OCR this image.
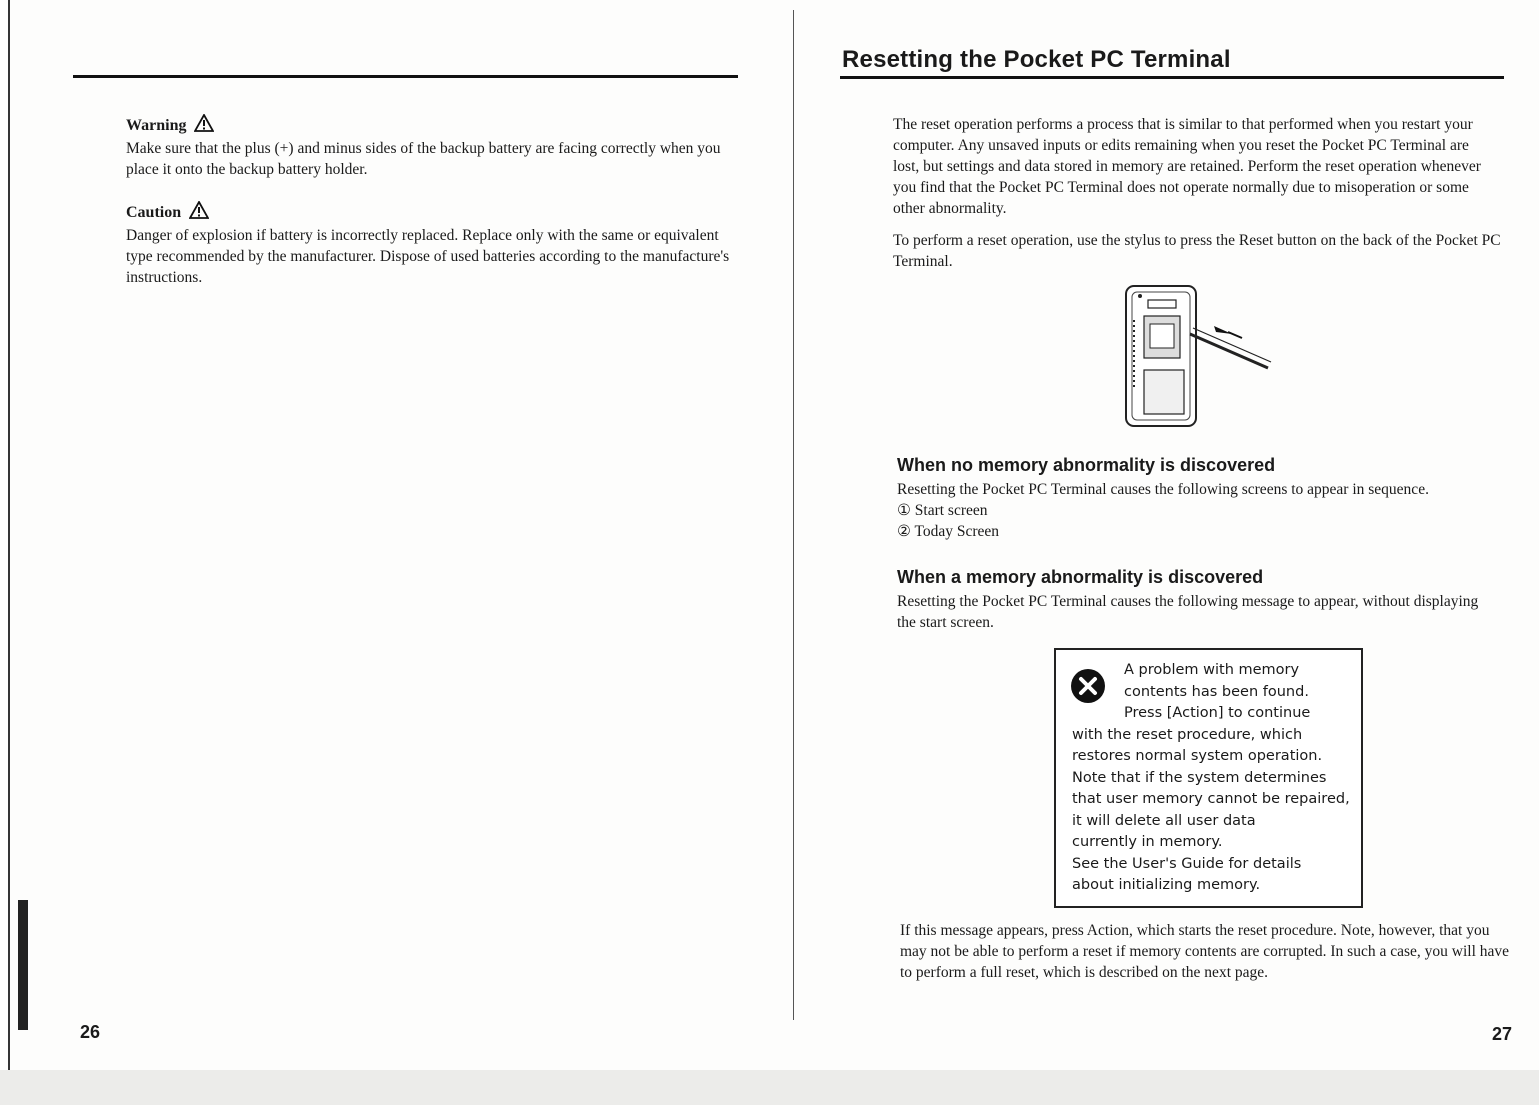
Warning
Make sure that the plus (+) and minus sides of the backup battery are facing correctly when you place it onto the backup battery holder.
Caution
Danger of explosion if battery is incorrectly replaced. Replace only with the same or equivalent type recommended by the manufacturer. Dispose of used batteries according to the manufacture's instructions.
26
Resetting the Pocket PC Terminal
The reset operation performs a process that is similar to that performed when you restart your computer. Any unsaved inputs or edits remaining when you reset the Pocket PC Terminal are lost, but settings and data stored in memory are retained. Perform the reset operation whenever you find that the Pocket PC Terminal does not operate normally due to misoperation or some other abnormality.
To perform a reset operation, use the stylus to press the Reset button on the back of the Pocket PC Terminal.
When no memory abnormality is discovered
Resetting the Pocket PC Terminal causes the following screens to appear in sequence.
① Start screen
② Today Screen
When a memory abnormality is discovered
Resetting the Pocket PC Terminal causes the following message to appear, without displaying the start screen.
A problem with memory
contents has been found.
Press [Action] to continue
with the reset procedure, which
restores normal system operation.
Note that if the system determines
that user memory cannot be repaired,
it will delete all user data
currently in memory.
See the User's Guide for details
about initializing memory.
If this message appears, press Action, which starts the reset procedure. Note, however, that you may not be able to perform a reset if memory contents are corrupted. In such a case, you will have to perform a full reset, which is described on the next page.
27
